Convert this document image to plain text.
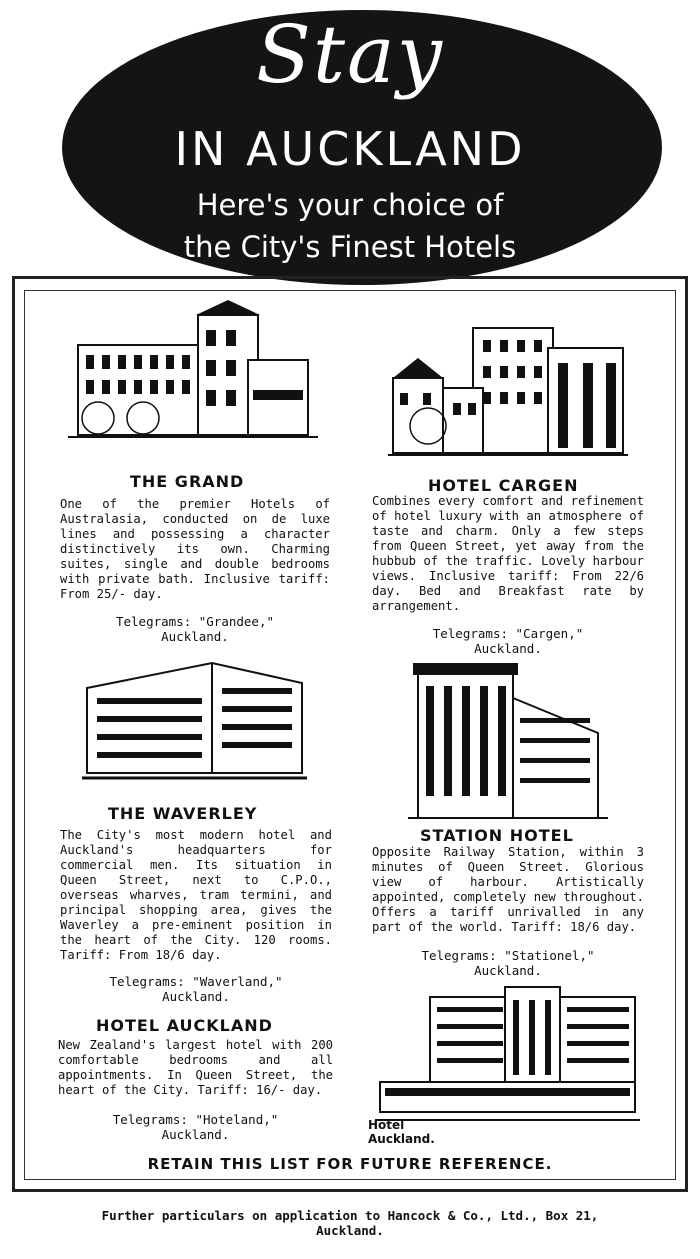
Stay
IN AUCKLAND
Here's your choice of
the City's Finest Hotels
THE GRAND
One of the premier Hotels of Australasia, conducted on de luxe lines and possessing a character distinctively its own. Charming suites, single and double bedrooms with private bath. Inclusive tariff: From 25/- day.
Telegrams: "Grandee,"
Auckland.
HOTEL CARGEN
Combines every comfort and refinement of hotel luxury with an atmosphere of taste and charm. Only a few steps from Queen Street, yet away from the hubbub of the traffic. Lovely harbour views. Inclusive tariff: From 22/6 day. Bed and Breakfast rate by arrangement.
Telegrams: "Cargen,"
Auckland.
THE WAVERLEY
The City's most modern hotel and Auckland's headquarters for commercial men. Its situation in Queen Street, next to C.P.O., overseas wharves, tram termini, and principal shopping area, gives the Waverley a pre-eminent position in the heart of the City. 120 rooms. Tariff: From 18/6 day.
Telegrams: "Waverland,"
Auckland.
STATION HOTEL
Opposite Railway Station, within 3 minutes of Queen Street. Glorious view of harbour. Artistically appointed, completely new throughout. Offers a tariff unrivalled in any part of the world. Tariff: 18/6 day.
Telegrams: "Stationel,"
Auckland.
HOTEL AUCKLAND
New Zealand's largest hotel with 200 comfortable bedrooms and all appointments. In Queen Street, the heart of the City. Tariff: 16/- day.
Telegrams: "Hoteland,"
Auckland.
Hotel
Auckland.
RETAIN THIS LIST FOR FUTURE REFERENCE.
Further particulars on application to Hancock & Co., Ltd., Box 21,
Auckland.
